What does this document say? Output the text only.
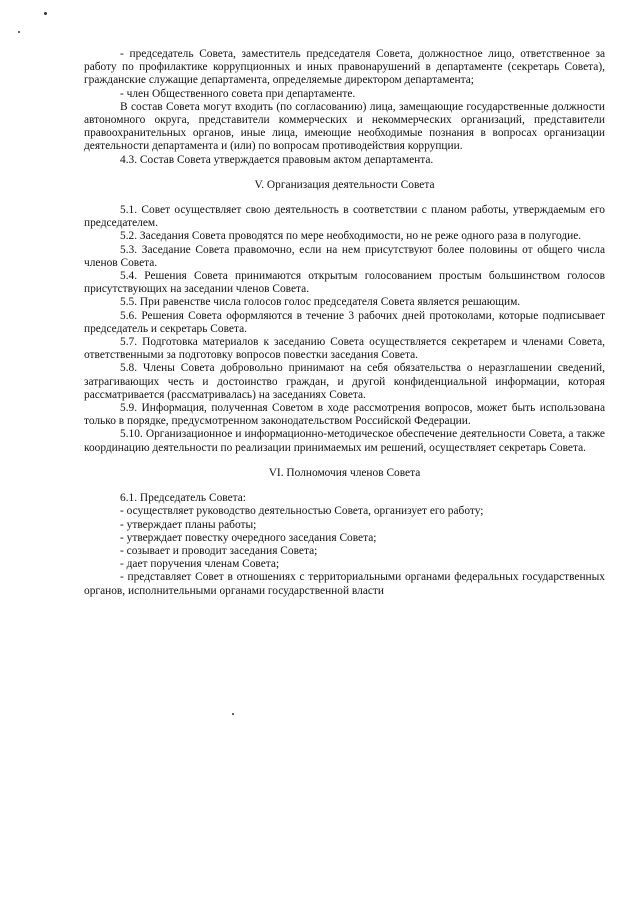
- председатель Совета, заместитель председателя Совета, должностное лицо, ответственное за работу по профилактике коррупционных и иных правонарушений в департаменте (секретарь Совета), гражданские служащие департамента, определяемые директором департамента;

- член Общественного совета при департаменте.

В состав Совета могут входить (по согласованию) лица, замещающие государственные должности автономного округа, представители коммерческих и некоммерческих организаций, представители правоохранительных органов, иные лица, имеющие необходимые познания в вопросах организации деятельности департамента и (или) по вопросам противодействия коррупции.

4.3. Состав Совета утверждается правовым актом департамента.

V. Организация деятельности Совета

5.1. Совет осуществляет свою деятельность в соответствии с планом работы, утверждаемым его председателем.

5.2. Заседания Совета проводятся по мере необходимости, но не реже одного раза в полугодие.

5.3. Заседание Совета правомочно, если на нем присутствуют более половины от общего числа членов Совета.

5.4. Решения Совета принимаются открытым голосованием простым большинством голосов присутствующих на заседании членов Совета.

5.5. При равенстве числа голосов голос председателя Совета является решающим.

5.6. Решения Совета оформляются в течение 3 рабочих дней протоколами, которые подписывает председатель и секретарь Совета.

5.7. Подготовка материалов к заседанию Совета осуществляется секретарем и членами Совета, ответственными за подготовку вопросов повестки заседания Совета.

5.8. Члены Совета добровольно принимают на себя обязательства о неразглашении сведений, затрагивающих честь и достоинство граждан, и другой конфиденциальной информации, которая рассматривается (рассматривалась) на заседаниях Совета.

5.9. Информация, полученная Советом в ходе рассмотрения вопросов, может быть использована только в порядке, предусмотренном законодательством Российской Федерации.

5.10. Организационное и информационно-методическое обеспечение деятельности Совета, а также координацию деятельности по реализации принимаемых им решений, осуществляет секретарь Совета.

VI. Полномочия членов Совета

6.1. Председатель Совета:

- осуществляет руководство деятельностью Совета, организует его работу;

- утверждает планы работы;

- утверждает повестку очередного заседания Совета;

- созывает и проводит заседания Совета;

- дает поручения членам Совета;

- представляет Совет в отношениях с территориальными органами федеральных государственных органов, исполнительными органами государственной власти
